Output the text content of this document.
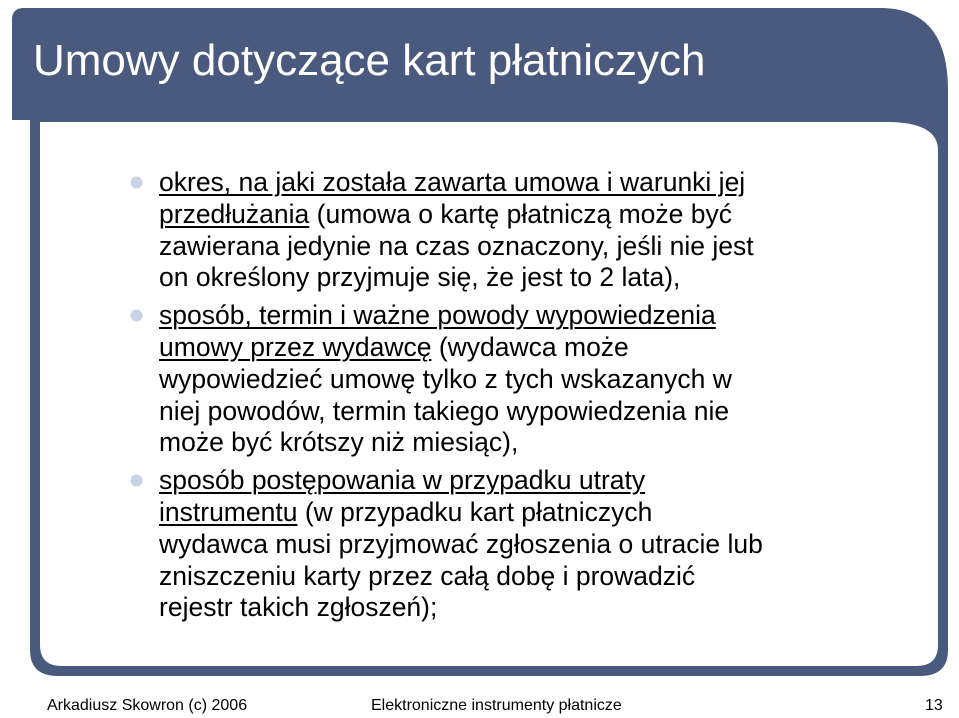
Umowy dotyczące kart płatniczych
okres, na jaki została zawarta umowa i warunki jej
przedłużania (umowa o kartę płatniczą może być
zawierana jedynie na czas oznaczony, jeśli nie jest
on określony przyjmuje się, że jest to 2 lata),
sposób, termin i ważne powody wypowiedzenia
umowy przez wydawcę (wydawca może
wypowiedzieć umowę tylko z tych wskazanych w
niej powodów, termin takiego wypowiedzenia nie
może być krótszy niż miesiąc),
sposób postępowania w przypadku utraty
instrumentu (w przypadku kart płatniczych
wydawca musi przyjmować zgłoszenia o utracie lub
zniszczeniu karty przez całą dobę i prowadzić
rejestr takich zgłoszeń);
Arkadiusz Skowron (c) 2006	Elektroniczne instrumenty płatnicze	13
